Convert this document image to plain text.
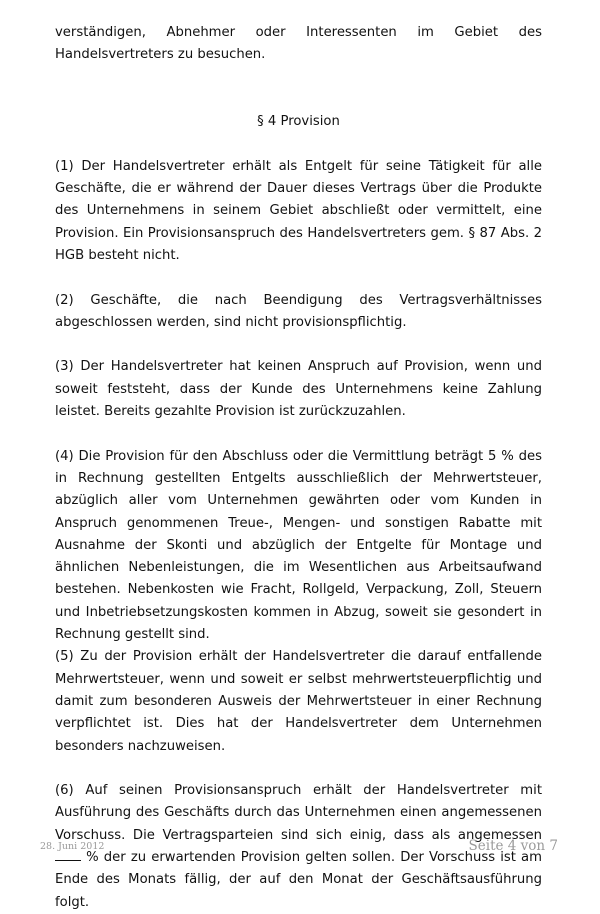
verständigen, Abnehmer oder Interessenten im Gebiet des Handelsvertreters zu besuchen.

§ 4 Provision

(1) Der Handelsvertreter erhält als Entgelt für seine Tätigkeit für alle Geschäfte, die er während der Dauer dieses Vertrags über die Produkte des Unternehmens in seinem Gebiet abschließt oder vermittelt, eine Provision. Ein Provisionsanspruch des Handelsvertreters gem. § 87 Abs. 2 HGB besteht nicht.

(2) Geschäfte, die nach Beendigung des Vertragsverhältnisses abgeschlossen werden, sind nicht provisionspflichtig.

(3) Der Handelsvertreter hat keinen Anspruch auf Provision, wenn und soweit feststeht, dass der Kunde des Unternehmens keine Zahlung leistet. Bereits gezahlte Provision ist zurückzuzahlen.

(4) Die Provision für den Abschluss oder die Vermittlung beträgt 5 % des in Rechnung gestellten Entgelts ausschließlich der Mehrwertsteuer, abzüglich aller vom Unternehmen gewährten oder vom Kunden in Anspruch genommenen Treue-, Mengen- und sonstigen Rabatte mit Ausnahme der Skonti und abzüglich der Entgelte für Montage und ähnlichen Nebenleistungen, die im Wesentlichen aus Arbeitsaufwand bestehen. Nebenkosten wie Fracht, Rollgeld, Verpackung, Zoll, Steuern und Inbetriebsetzungskosten kommen in Abzug, soweit sie gesondert in Rechnung gestellt sind.

(5) Zu der Provision erhält der Handelsvertreter die darauf entfallende Mehrwertsteuer, wenn und soweit er selbst mehrwertsteuerpflichtig und damit zum besonderen Ausweis der Mehrwertsteuer in einer Rechnung verpflichtet ist. Dies hat der Handelsvertreter dem Unternehmen besonders nachzuweisen.

(6) Auf seinen Provisionsanspruch erhält der Handelsvertreter mit Ausführung des Geschäfts durch das Unternehmen einen angemessenen Vorschuss. Die Vertragsparteien sind sich einig, dass als angemessen  % der zu erwartenden Provision gelten sollen. Der Vorschuss ist am Ende des Monats fällig, der auf den Monat der Geschäftsausführung folgt.

28. Juni 2012	Seite 4 von 7
